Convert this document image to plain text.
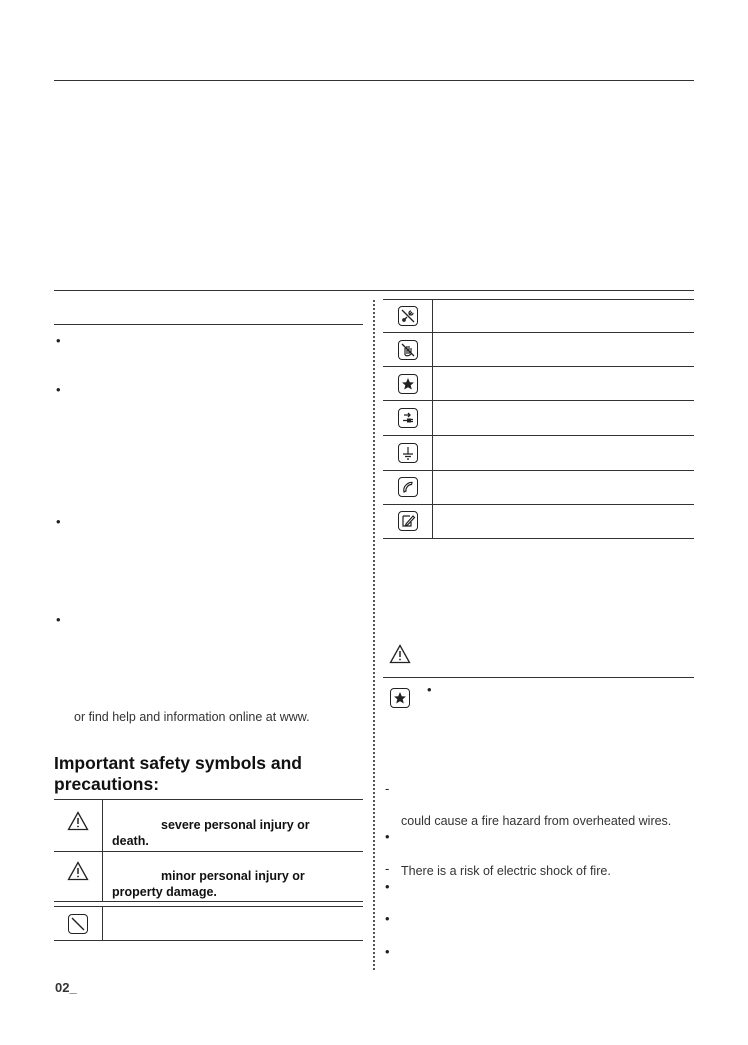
•
•
•
•
or find help and information online at www.
Important safety symbols and
precautions:
severe personal injury or
death.
minor personal injury or
property damage.
•
-
could cause a fire hazard from overheated wires.
•
- There is a risk of electric shock of fire.
•
•
•
02_
